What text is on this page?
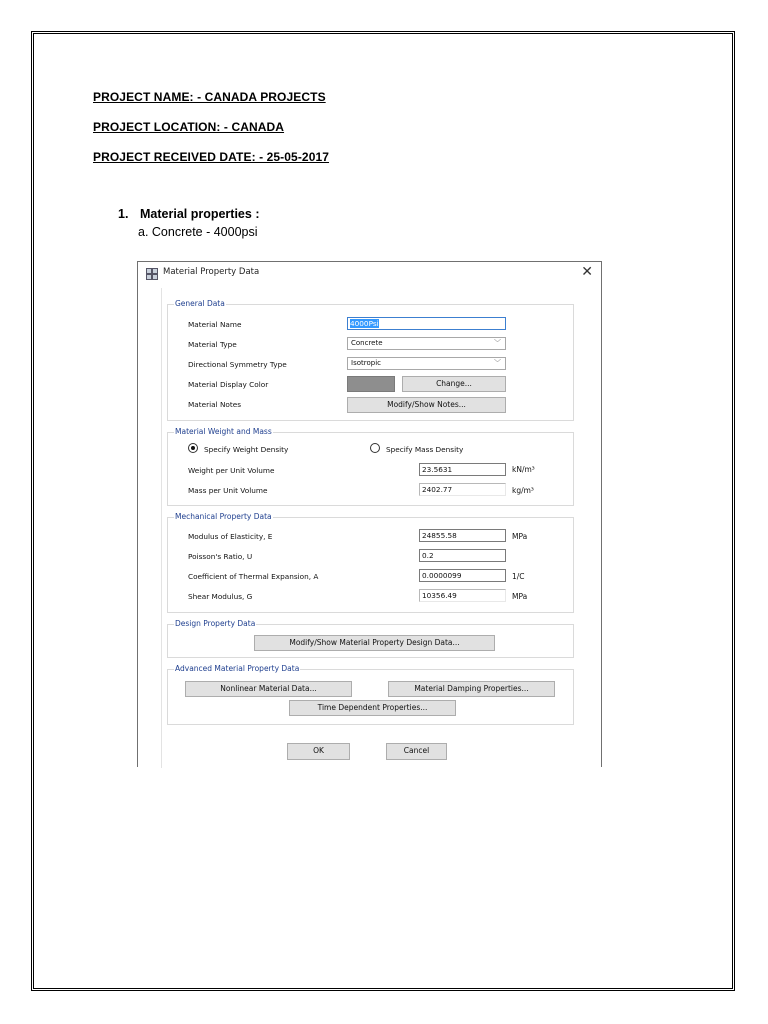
PROJECT NAME: - CANADA PROJECTS
PROJECT LOCATION: - CANADA
PROJECT RECEIVED DATE: - 25-05-2017
1. Material properties :
a. Concrete - 4000psi
Material Property Data	✕
General Data
Material Name	4000Psi
Material Type	Concrete	﹀
Directional Symmetry Type	Isotropic	﹀
Material Display Color	Change...
Material Notes	Modify/Show Notes...
Material Weight and Mass
Specify Weight Density	Specify Mass Density
Weight per Unit Volume	23.5631	kN/m³
Mass per Unit Volume	2402.77	kg/m³
Mechanical Property Data
Modulus of Elasticity, E	24855.58	MPa
Poisson's Ratio, U	0.2
Coefficient of Thermal Expansion, A	0.0000099	1/C
Shear Modulus, G	10356.49	MPa
Design Property Data
Modify/Show Material Property Design Data...
Advanced Material Property Data
Nonlinear Material Data...	Material Damping Properties...
Time Dependent Properties...
OK	Cancel
